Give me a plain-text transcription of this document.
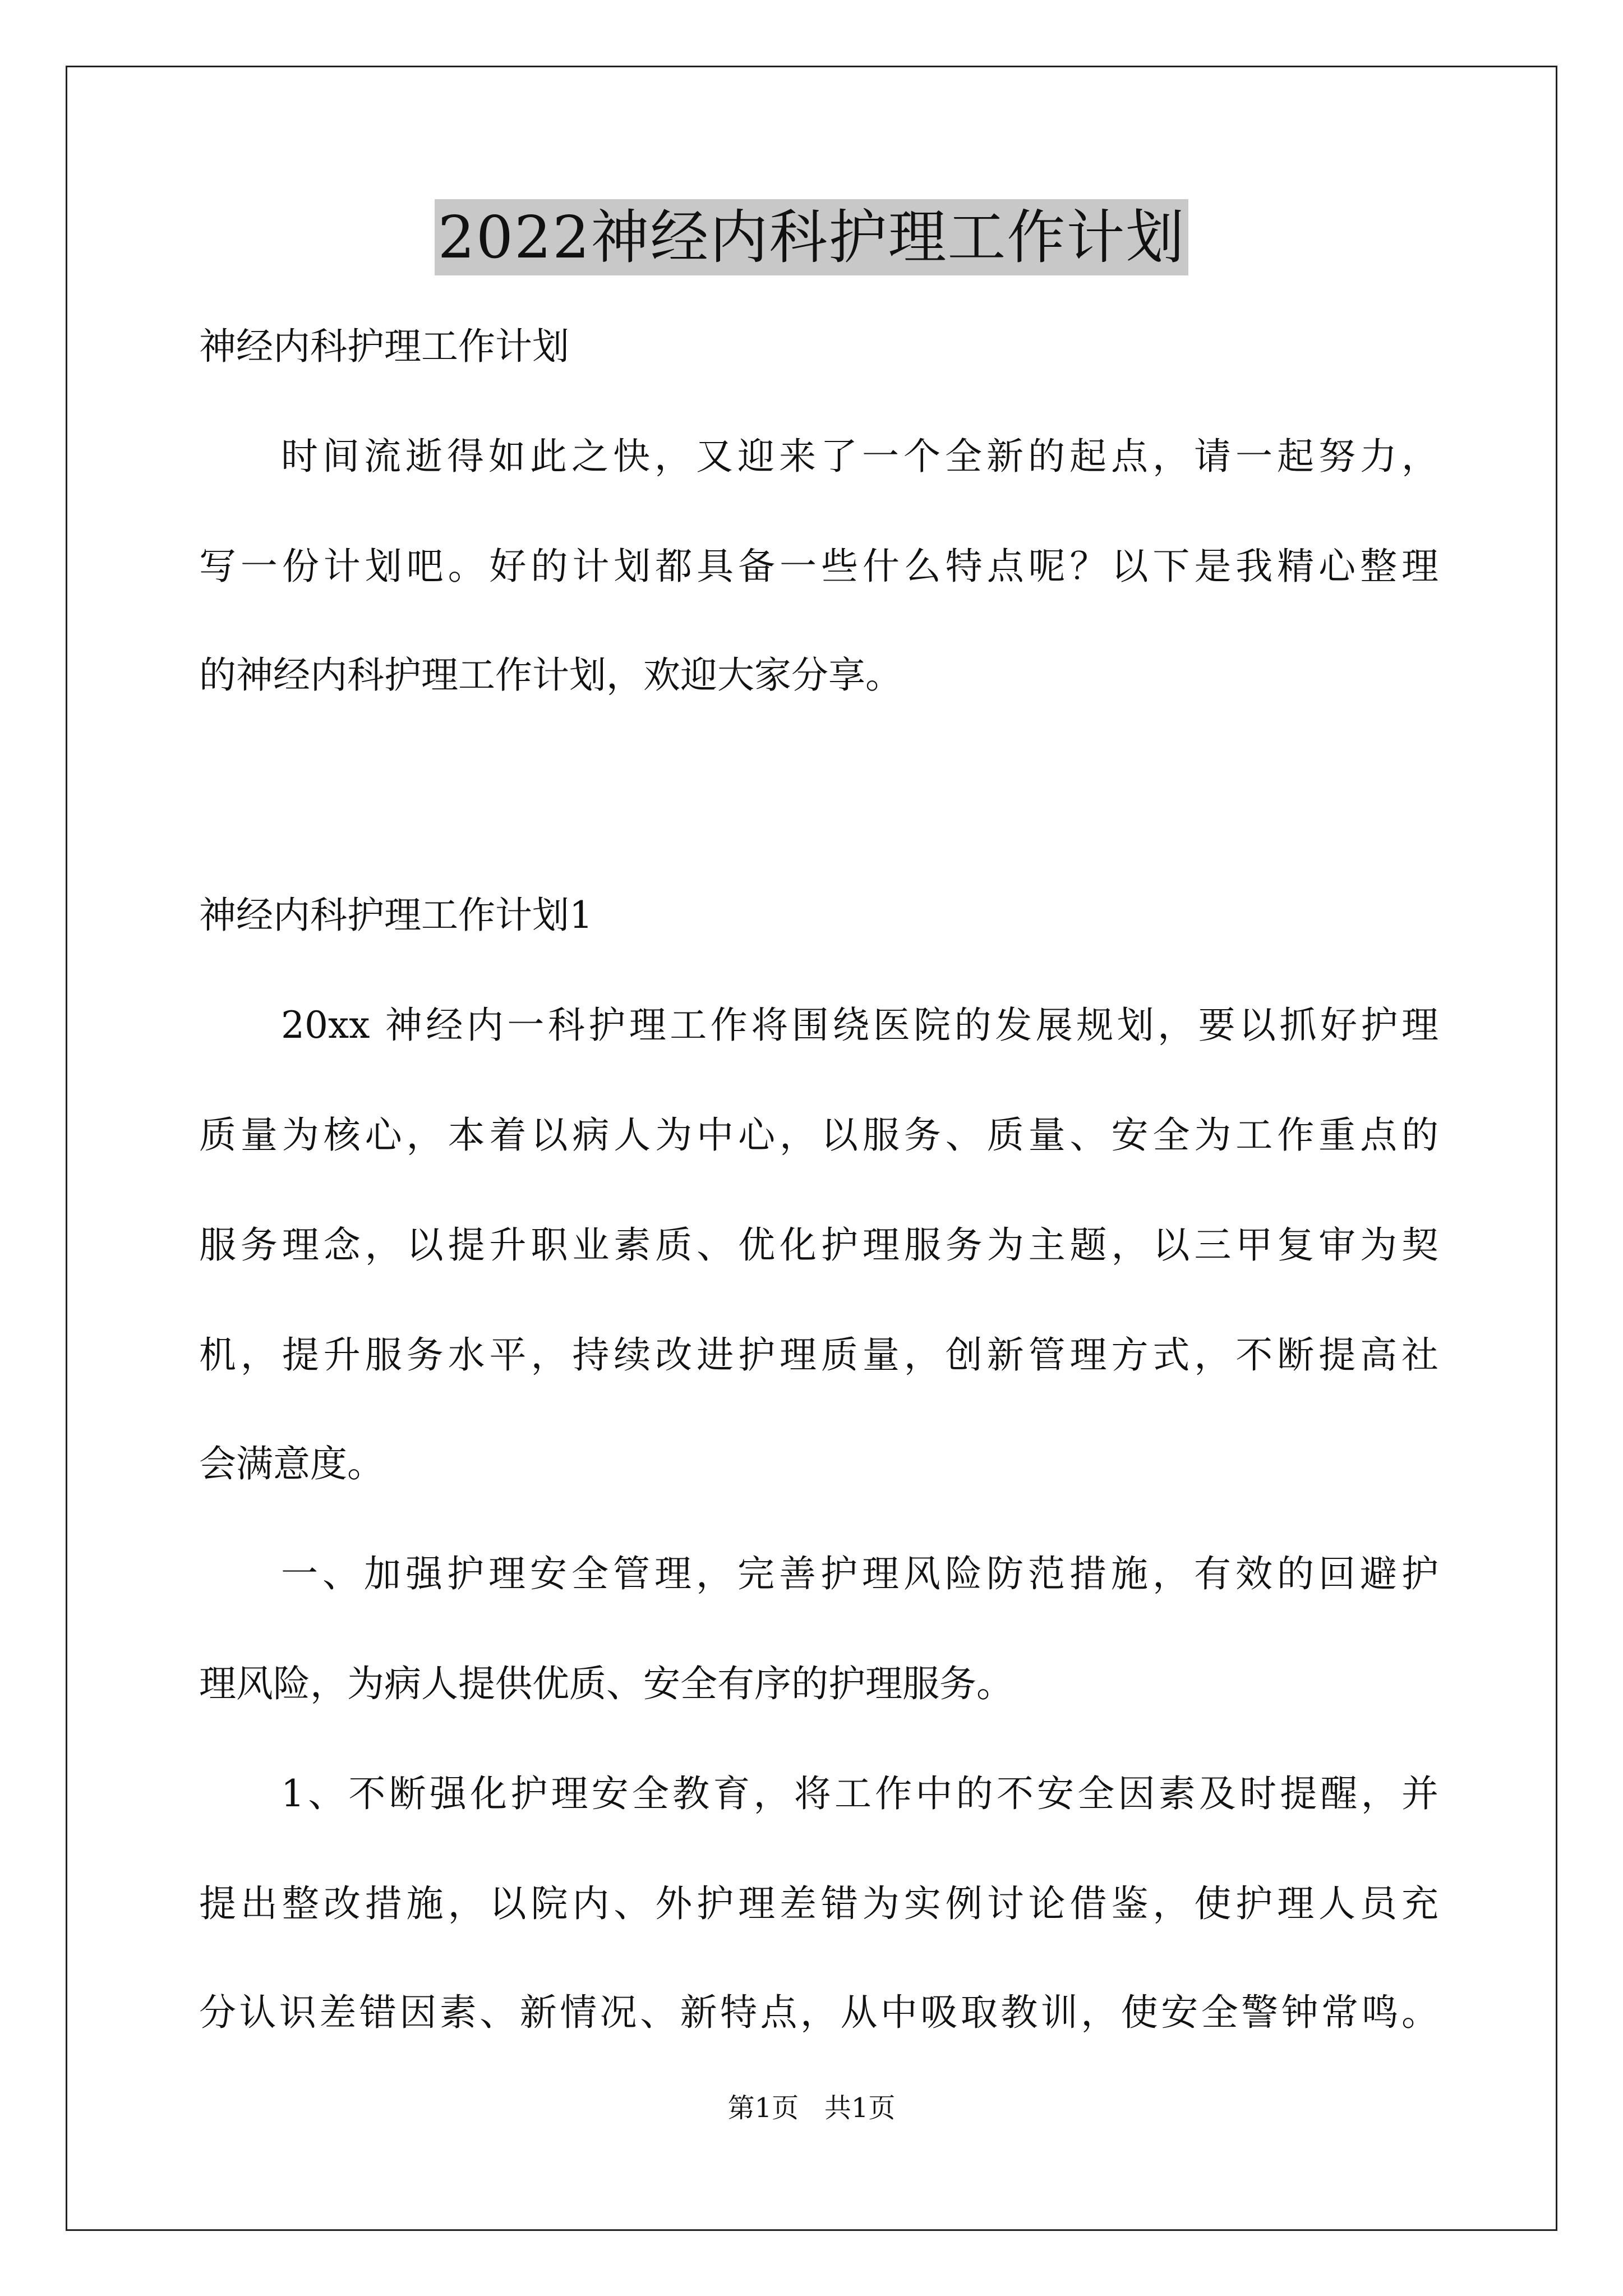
2022神经内科护理工作计划
神经内科护理工作计划
时间流逝得如此之快，又迎来了一个全新的起点，请一起努力，
写一份计划吧。好的计划都具备一些什么特点呢？以下是我精心整理
的神经内科护理工作计划，欢迎大家分享。
神经内科护理工作计划1
20xx 神经内一科护理工作将围绕医院的发展规划，要以抓好护理
质量为核心，本着以病人为中心，以服务、质量、安全为工作重点的
服务理念，以提升职业素质、优化护理服务为主题，以三甲复审为契
机，提升服务水平，持续改进护理质量，创新管理方式，不断提高社
会满意度。
一、加强护理安全管理，完善护理风险防范措施，有效的回避护
理风险，为病人提供优质、安全有序的护理服务。
1、不断强化护理安全教育，将工作中的不安全因素及时提醒，并
提出整改措施，以院内、外护理差错为实例讨论借鉴，使护理人员充
分认识差错因素、新情况、新特点，从中吸取教训，使安全警钟常鸣。
第1页   共1页
